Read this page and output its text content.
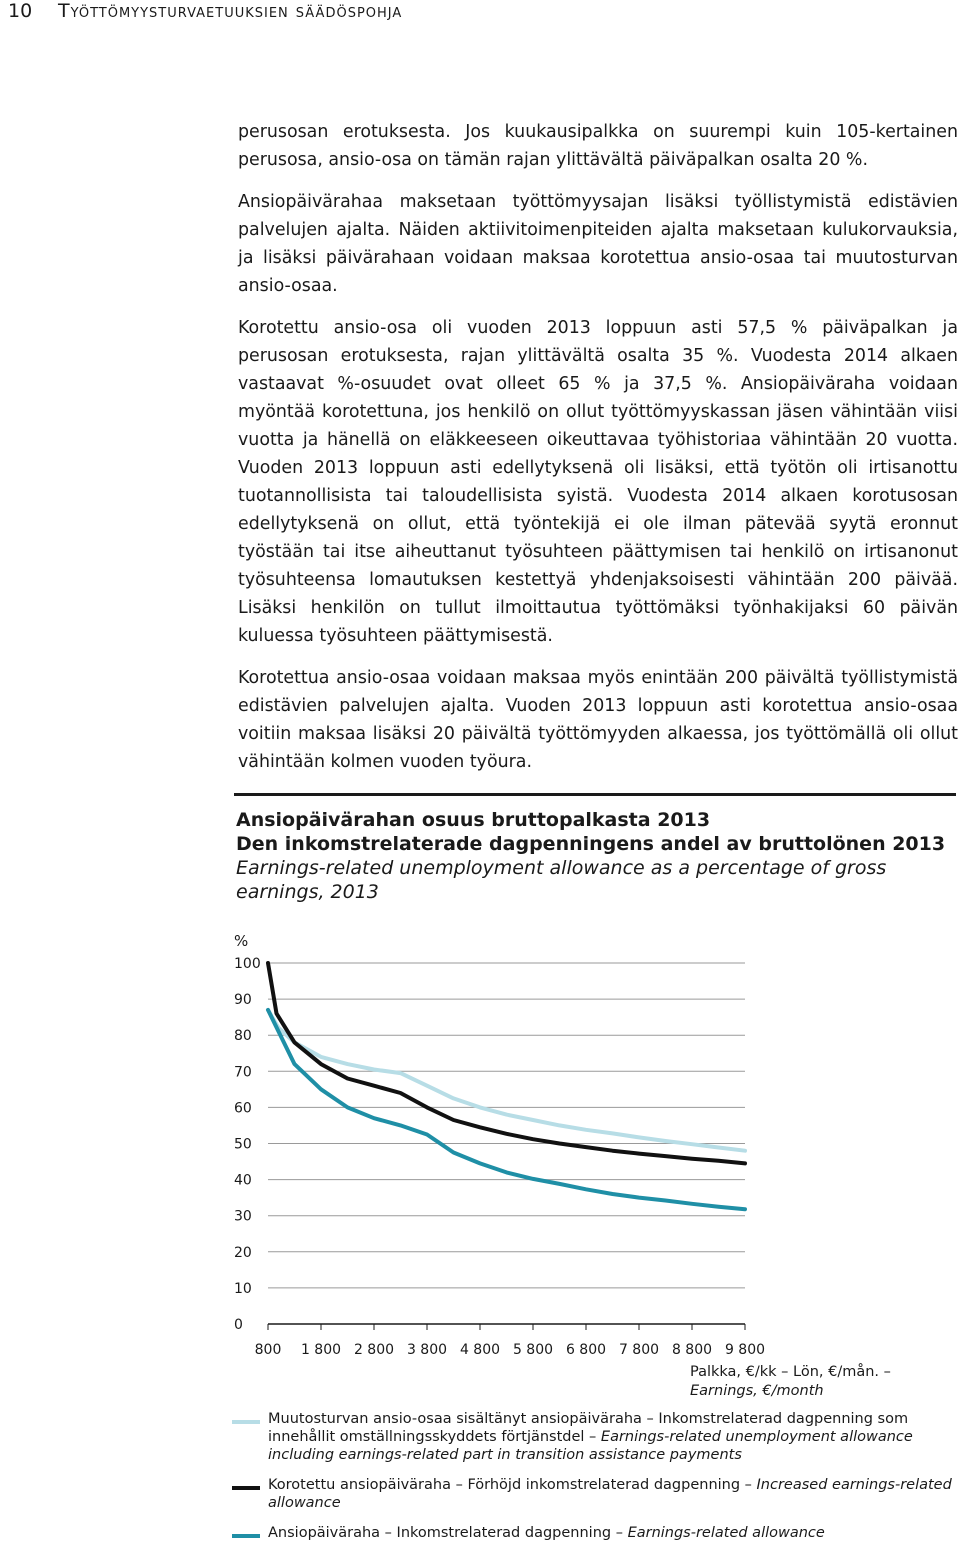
10 Työttömyysturvaetuuksien säädöspohja

perusosan erotuksesta. Jos kuukausipalkka on suurempi kuin 105-kertainen perusosa, ansio-osa on tämän rajan ylittävältä päiväpalkan osalta 20 %.

Ansiopäivärahaa maksetaan työttömyysajan lisäksi työllistymistä edistävien palvelujen ajalta. Näiden aktiivitoimenpiteiden ajalta maksetaan kulukorvauksia, ja lisäksi päivärahaan voidaan maksaa korotettua ansio-osaa tai muutosturvan ansio-osaa.

Korotettu ansio-osa oli vuoden 2013 loppuun asti 57,5 % päiväpalkan ja perusosan erotuksesta, rajan ylittävältä osalta 35 %. Vuodesta 2014 alkaen vastaavat %-osuudet ovat olleet 65 % ja 37,5 %. Ansiopäiväraha voidaan myöntää korotettuna, jos henkilö on ollut työttömyyskassan jäsen vähintään viisi vuotta ja hänellä on eläkkeeseen oikeuttavaa työhistoriaa vähintään 20 vuotta. Vuoden 2013 loppuun asti edellytyksenä oli lisäksi, että työtön oli irtisanottu tuotannollisista tai taloudellisista syistä. Vuodesta 2014 alkaen korotusosan edellytyksenä on ollut, että työntekijä ei ole ilman pätevää syytä eronnut työstään tai itse aiheuttanut työsuhteen päättymisen tai henkilö on irtisanonut työsuhteensa lomautuksen kestettyä yhdenjaksoisesti vähintään 200 päivää. Lisäksi henkilön on tullut ilmoittautua työttömäksi työnhakijaksi 60 päivän kuluessa työsuhteen päättymisestä.

Korotettua ansio-osaa voidaan maksaa myös enintään 200 päivältä työllistymistä edistävien palvelujen ajalta. Vuoden 2013 loppuun asti korotettua ansio-osaa voitiin maksaa lisäksi 20 päivältä työttömyyden alkaessa, jos työttömällä oli ollut vähintään kolmen vuoden työura.

Ansiopäivärahan osuus bruttopalkasta 2013
Den inkomstrelaterade dagpenningens andel av bruttolönen 2013
Earnings-related unemployment allowance as a percentage of gross earnings, 2013
%
0
10
20
30
40
50
60
70
80
90
100
800 1 800 2 800 3 800 4 800 5 800 6 800 7 800 8 800 9 800
Palkka, €/kk – Lön, €/mån. –
Earnings, €/month
Muutosturvan ansio-osaa sisältänyt ansiopäiväraha – Inkomstrelaterad dagpenning som innehållit omställningsskyddets förtjänstdel – Earnings-related unemployment allowance including earnings-related part in transition assistance payments
Korotettu ansiopäiväraha – Förhöjd inkomstrelaterad dagpenning – Increased earnings-related allowance
Ansiopäiväraha – Inkomstrelaterad dagpenning – Earnings-related allowance
